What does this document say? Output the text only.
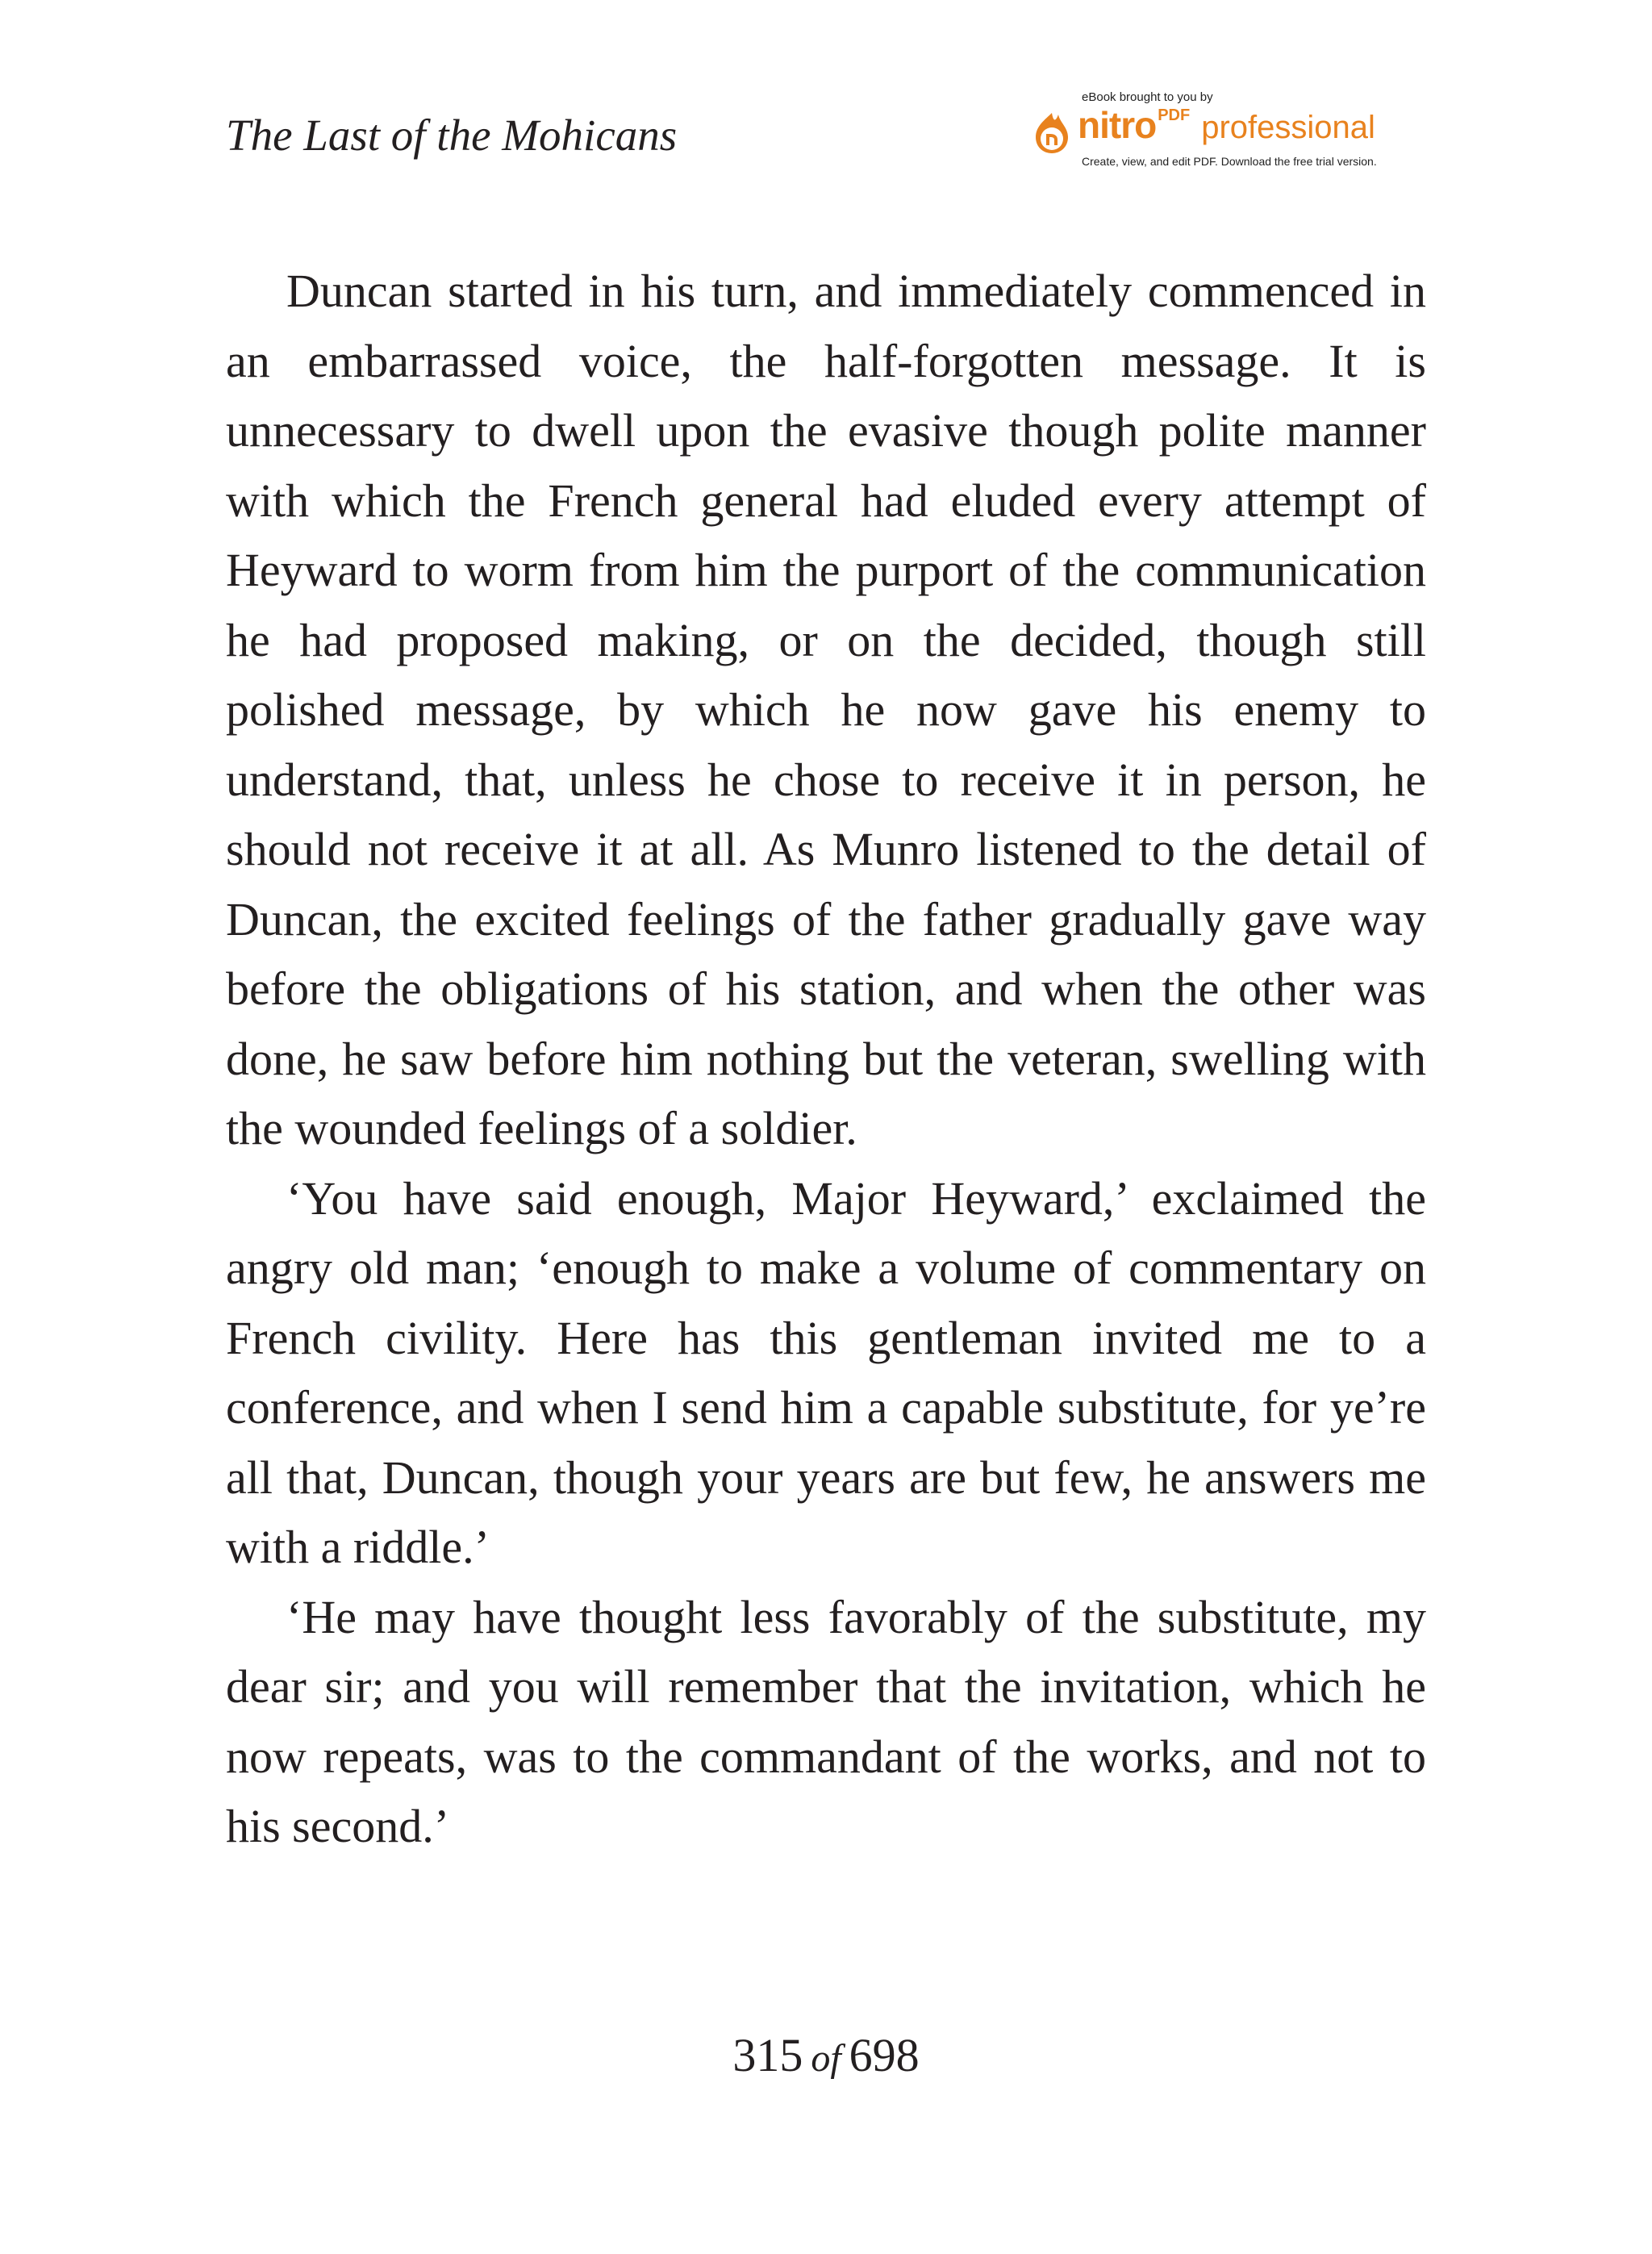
The Last of the Mohicans
eBook brought to you by
nitro PDF professional
Create, view, and edit PDF. Download the free trial version.

Duncan started in his turn, and immediately commenced in an embarrassed voice, the half-forgotten message. It is unnecessary to dwell upon the evasive though polite manner with which the French general had eluded every attempt of Heyward to worm from him the purport of the communication he had proposed making, or on the decided, though still polished message, by which he now gave his enemy to understand, that, unless he chose to receive it in person, he should not receive it at all. As Munro listened to the detail of Duncan, the excited feelings of the father gradually gave way before the obligations of his station, and when the other was done, he saw before him nothing but the veteran, swelling with the wounded feelings of a soldier.

‘You have said enough, Major Heyward,’ exclaimed the angry old man; ‘enough to make a volume of commentary on French civility. Here has this gentleman invited me to a conference, and when I send him a capable substitute, for ye’re all that, Duncan, though your years are but few, he answers me with a riddle.’

‘He may have thought less favorably of the substitute, my dear sir; and you will remember that the invitation, which he now repeats, was to the commandant of the works, and not to his second.’

315 of 698
